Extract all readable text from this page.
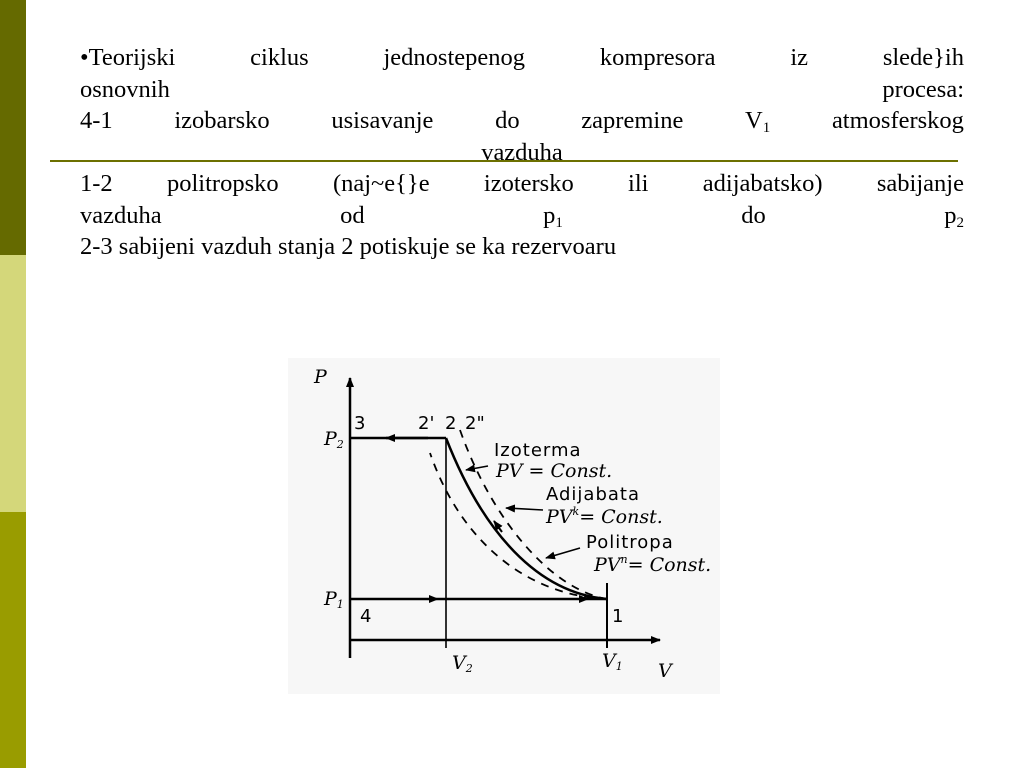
•Teorijski	ciklus	jednostepenog	kompresora	iz	slede}ih
osnovnih	procesa:
4-1	izobarsko	usisavanje	do	zapremine	$V_1$	atmosferskog
vazduha
1-2 politropsko (naj~e{}e izotersko ili adijabatsko) sabijanje
vazduha	od	$p_1$	do	$p_2$
2-3 sabijeni vazduh stanja 2 potiskuje se ka rezervoaru
P
V
$P_2$
$P_1$
$V_2$	$V_1$
3	2' 2 2"
4	1
Izoterma
PV = Const.
Adijabata
$PV^k=$ Const.
Politropa
$PV^n=$ Const.
